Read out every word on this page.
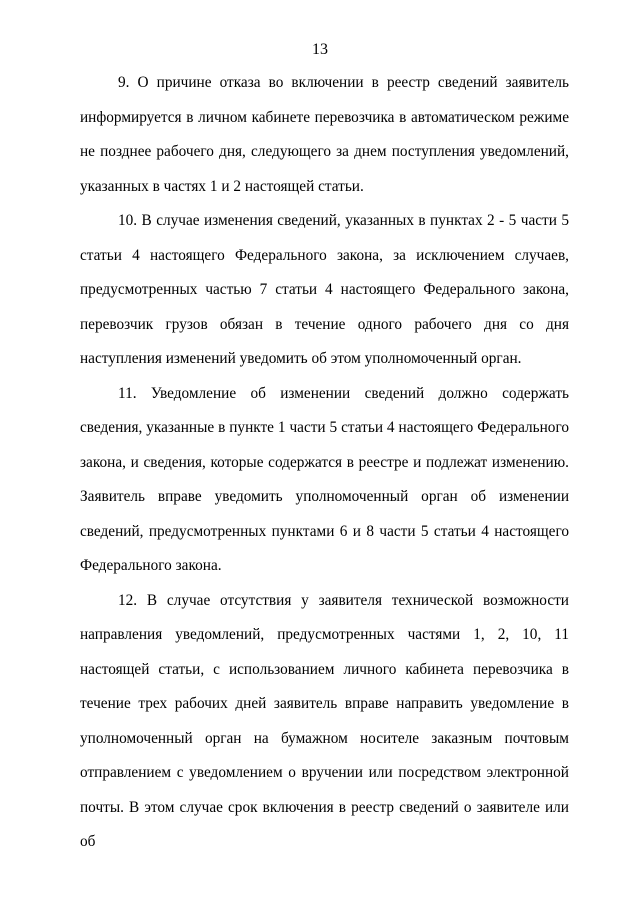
13

9. О причине отказа во включении в реестр сведений заявитель информируется в личном кабинете перевозчика в автоматическом режиме не позднее рабочего дня, следующего за днем поступления уведомлений, указанных в частях 1 и 2 настоящей статьи.

10. В случае изменения сведений, указанных в пунктах 2 - 5 части 5 статьи 4 настоящего Федерального закона, за исключением случаев, предусмотренных частью 7 статьи 4 настоящего Федерального закона, перевозчик грузов обязан в течение одного рабочего дня со дня наступления изменений уведомить об этом уполномоченный орган.

11. Уведомление об изменении сведений должно содержать сведения, указанные в пункте 1 части 5 статьи 4 настоящего Федерального закона, и сведения, которые содержатся в реестре и подлежат изменению. Заявитель вправе уведомить уполномоченный орган об изменении сведений, предусмотренных пунктами 6 и 8 части 5 статьи 4 настоящего Федерального закона.

12. В случае отсутствия у заявителя технической возможности направления уведомлений, предусмотренных частями 1, 2, 10, 11 настоящей статьи, с использованием личного кабинета перевозчика в течение трех рабочих дней заявитель вправе направить уведомление в уполномоченный орган на бумажном носителе заказным почтовым отправлением с уведомлением о вручении или посредством электронной почты. В этом случае срок включения в реестр сведений о заявителе или об
